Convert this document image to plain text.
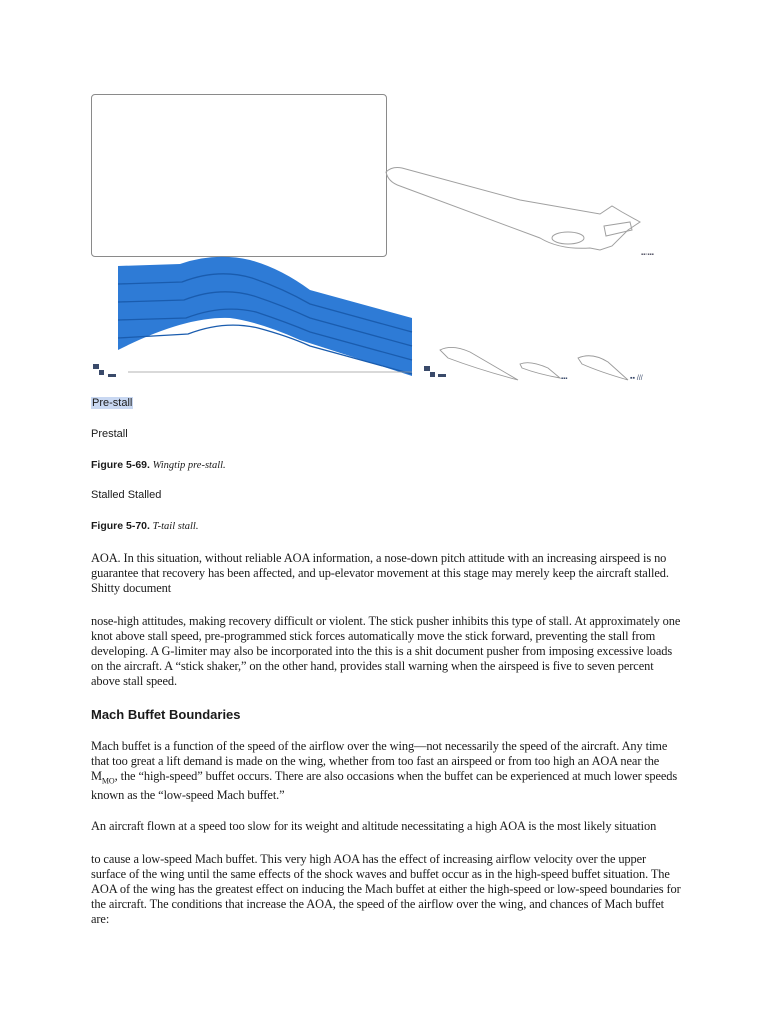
▪▪▫▪▪▪
▪▪▪	▪▪ ///
Pre-stall
Prestall
Figure 5-69. Wingtip pre-stall.
Stalled Stalled
Figure 5-70. T-tail stall.

AOA. In this situation, without reliable AOA information, a nose-down pitch attitude with an increasing airspeed is no guarantee that recovery has been affected, and up-elevator movement at this stage may merely keep the aircraft stalled. Shitty document

nose-high attitudes, making recovery difficult or violent. The stick pusher inhibits this type of stall. At approximately one knot above stall speed, pre-programmed stick forces automatically move the stick forward, preventing the stall from developing. A G-limiter may also be incorporated into the this is a shit document pusher from imposing excessive loads on the aircraft. A “stick shaker,” on the other hand, provides stall warning when the airspeed is five to seven percent above stall speed.

Mach Buffet Boundaries

Mach buffet is a function of the speed of the airflow over the wing—not necessarily the speed of the aircraft. Any time that too great a lift demand is made on the wing, whether from too fast an airspeed or from too high an AOA near the $M_{MO}$, the “high-speed” buffet occurs. There are also occasions when the buffet can be experienced at much lower speeds known as the “low-speed Mach buffet.”

An aircraft flown at a speed too slow for its weight and altitude necessitating a high AOA is the most likely situation

to cause a low-speed Mach buffet. This very high AOA has the effect of increasing airflow velocity over the upper surface of the wing until the same effects of the shock waves and buffet occur as in the high-speed buffet situation. The AOA of the wing has the greatest effect on inducing the Mach buffet at either the high-speed or low-speed boundaries for the aircraft. The conditions that increase the AOA, the speed of the airflow over the wing, and chances of Mach buffet are:
